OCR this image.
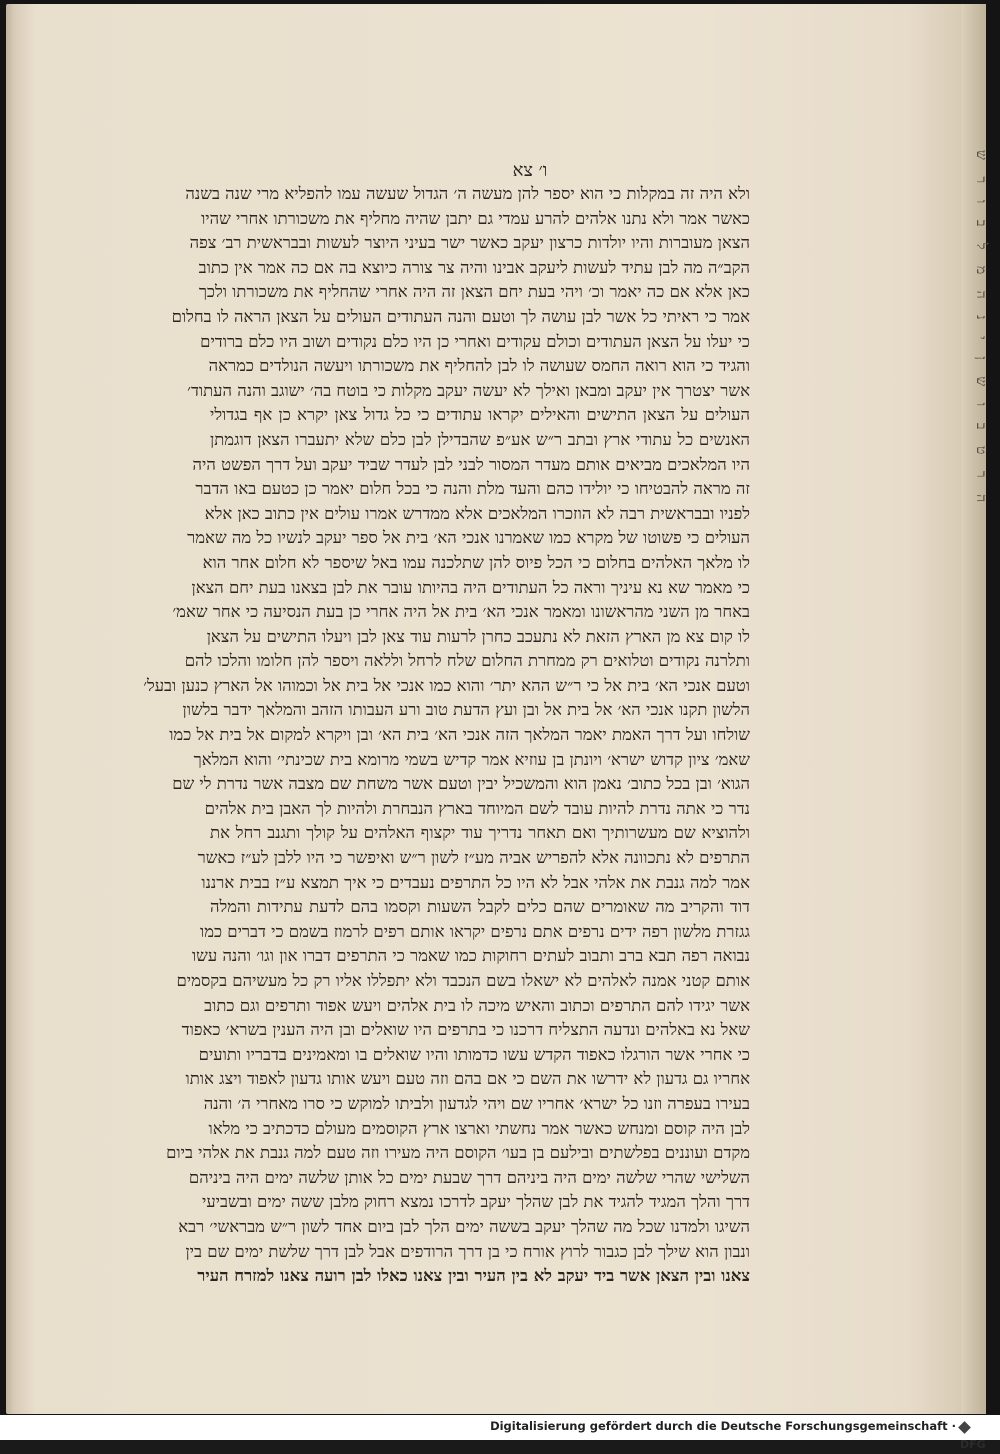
ה ר ט ב ו ש ן י נ ה מ ל ב ו ר ש
ו׳ צא
ולא היה זה במקלות כי הוא יספר להן מעשה ה׳ הגדול שעשה עמו להפליא מרי שנה בשנה
כאשר אמר ולא נתנו אלהים להרע עמדי גם יתבן שהיה מחליף את משכורתו אחרי שהיו
הצאן מעוברות והיו יולדות כרצון יעקב כאשר ישר בעיני היוצר לעשות ובבראשית רב׳ צפה
הקב״ה מה לבן עתיד לעשות ליעקב אבינו והיה צר צורה כיוצא בה אם כה אמר אין כתוב
כאן אלא אם כה יאמר וכ׳ ויהי בעת יחם הצאן זה היה אחרי שהחליף את משכורתו ולכך
אמר כי ראיתי כל אשר לבן עושה לך וטעם והנה העתודים העולים על הצאן הראה לו בחלום
כי יעלו על הצאן העתודים וכולם עקודים ואחרי כן היו כלם נקודים ושוב היו כלם ברודים
והגיד כי הוא רואה החמס שעושה לו לבן להחליף את משכורתו ויעשה הנולדים כמראה
אשר יצטרך אין יעקב ומבאן ואילך לא יעשה יעקב מקלות כי בוטח בה׳ ישוגב והנה העתוד׳
העולים על הצאן התישים והאילים יקראו עתודים כי כל גדול צאן יקרא כן אף בגדולי
האנשים כל עתודי ארץ ובתב ר״ש אע״פ שהבדילן לבן כלם שלא יתעברו הצאן דוגמתן
היו המלאכים מביאים אותם מעדר המסור לבני לבן לעדר שביד יעקב ועל דרך הפשט היה
זה מראה להבטיחו כי יולידו כהם והעד מלת והנה כי בכל חלום יאמר כן כטעם באו הדבר
לפניו ובבראשית רבה לא הוזכרו המלאכים אלא ממדרש אמרו עולים אין כתוב כאן אלא
העולים כי פשוטו של מקרא כמו שאמרנו אנכי הא׳ בית אל ספר יעקב לנשיו כל מה שאמר
לו מלאך האלהים בחלום כי הכל פיוס להן שתלכנה עמו באל שיספר לא חלום אחר הוא
כי מאמר שא נא עיניך וראה כל העתודים היה בהיותו עובר את לבן בצאנו בעת יחם הצאן
באחר מן השני מהראשונו ומאמר אנכי הא׳ בית אל היה אחרי כן בעת הנסיעה כי אחר שאמ׳
לו קום צא מן הארץ הזאת לא נתעכב כחרן לרעות עוד צאן לבן ויעלו התישים על הצאן
ותלרנה נקודים וטלואים רק ממחרת החלום שלח לרחל וללאה ויספר להן חלומו והלכו להם
וטעם אנכי הא׳ בית אל כי ר״ש ההא יתר׳ והוא כמו אנכי אל בית אל וכמוהו אל הארץ כנען ובעל׳
הלשון תקנו אנכי הא׳ אל בית אל ובן ועץ הדעת טוב ורע העבותו הזהב והמלאך ידבר בלשון
שולחו ועל דרך האמת יאמר המלאך הזה אנכי הא׳ בית הא׳ ובן ויקרא למקום אל בית אל כמו
שאמ׳ ציון קדוש ישרא׳ ויונתן בן עוזיא אמר קדיש בשמי מרומא בית שכינתי׳ והוא המלאך
הגוא׳ ובן בכל כתוב׳ נאמן הוא והמשכיל יבין וטעם אשר משחת שם מצבה אשר נדרת לי שם
נדר כי אתה נדרת להיות עובד לשם המיוחד בארץ הנבחרת ולהיות לך האבן בית אלהים
ולהוציא שם מעשרותיך ואם תאחר נדריך עוד יקצוף האלהים על קולך ותגנב רחל את
התרפים לא נתכוונה אלא להפריש אביה מע״ז לשון ר״ש ואיפשר כי היו ללבן לע״ז כאשר
אמר למה גנבת את אלהי אבל לא היו כל התרפים נעבדים כי איך תמצא ע״ז בבית ארננו
דוד והקריב מה שאומרים שהם כלים לקבל השעות וקסמו בהם לדעת עתידות והמלה
גגזרת מלשון רפה ידים נרפים אתם נרפים יקראו אותם רפים לרמוז בשמם כי דברים כמו
נבואה רפה תבא ברב ותבוב לעתים רחוקות כמו שאמר כי התרפים דברו און וגו׳ והנה עשו
אותם קטני אמנה לאלהים לא ישאלו בשם הנכבד ולא יתפללו אליו רק כל מעשיהם בקסמים
אשר יגידו להם התרפים וכתוב והאיש מיכה לו בית אלהים ויעש אפוד ותרפים וגם כתוב
שאל נא באלהים ונדעה התצליח דרכנו כי בתרפים היו שואלים ובן היה הענין בשרא׳ כאפוד
כי אחרי אשר הורגלו כאפוד הקדש עשו כדמותו והיו שואלים בו ומאמינים בדבריו ותועים
אחריו גם גדעון לא ידרשו את השם כי אם בהם וזה טעם ויעש אותו גדעון לאפוד ויצג אותו
בעירו בעפרה וזנו כל ישרא׳ אחריו שם ויהי לגדעון ולביתו למוקש כי סרו מאחרי ה׳ והנה
לבן היה קוסם ומנחש כאשר אמר נחשתי וארצו ארץ הקוסמים מעולם כדכתיב כי מלאו
מקדם ועוננים בפלשתים ובילעם בן בעו׳ הקוסם היה מעירו וזה טעם למה גנבת את אלהי ביום
השלישי שהרי שלשה ימים היה ביניהם דרך שבעת ימים כל אותן שלשה ימים היה ביניהם
דרך והלך המגיד להגיד את לבן שהלך יעקב לדרכו נמצא רחוק מלבן ששה ימים ובשביעי
השיגו ולמדנו שכל מה שהלך יעקב בששה ימים הלך לבן ביום אחד לשון ר״ש מבראשי׳ רבא
ונבון הוא שילך לבן כגבור לרוץ אורח כי בן דרך הרודפים אבל לבן דרך שלשת ימים שם בין
צאנו ובין הצאן אשר ביד יעקב לא בין העיר ובין צאנו כאלו לבן רועה צאנו למזרח העיר
Digitalisierung gefördert durch die Deutsche Forschungsgemeinschaft ·
DFG
